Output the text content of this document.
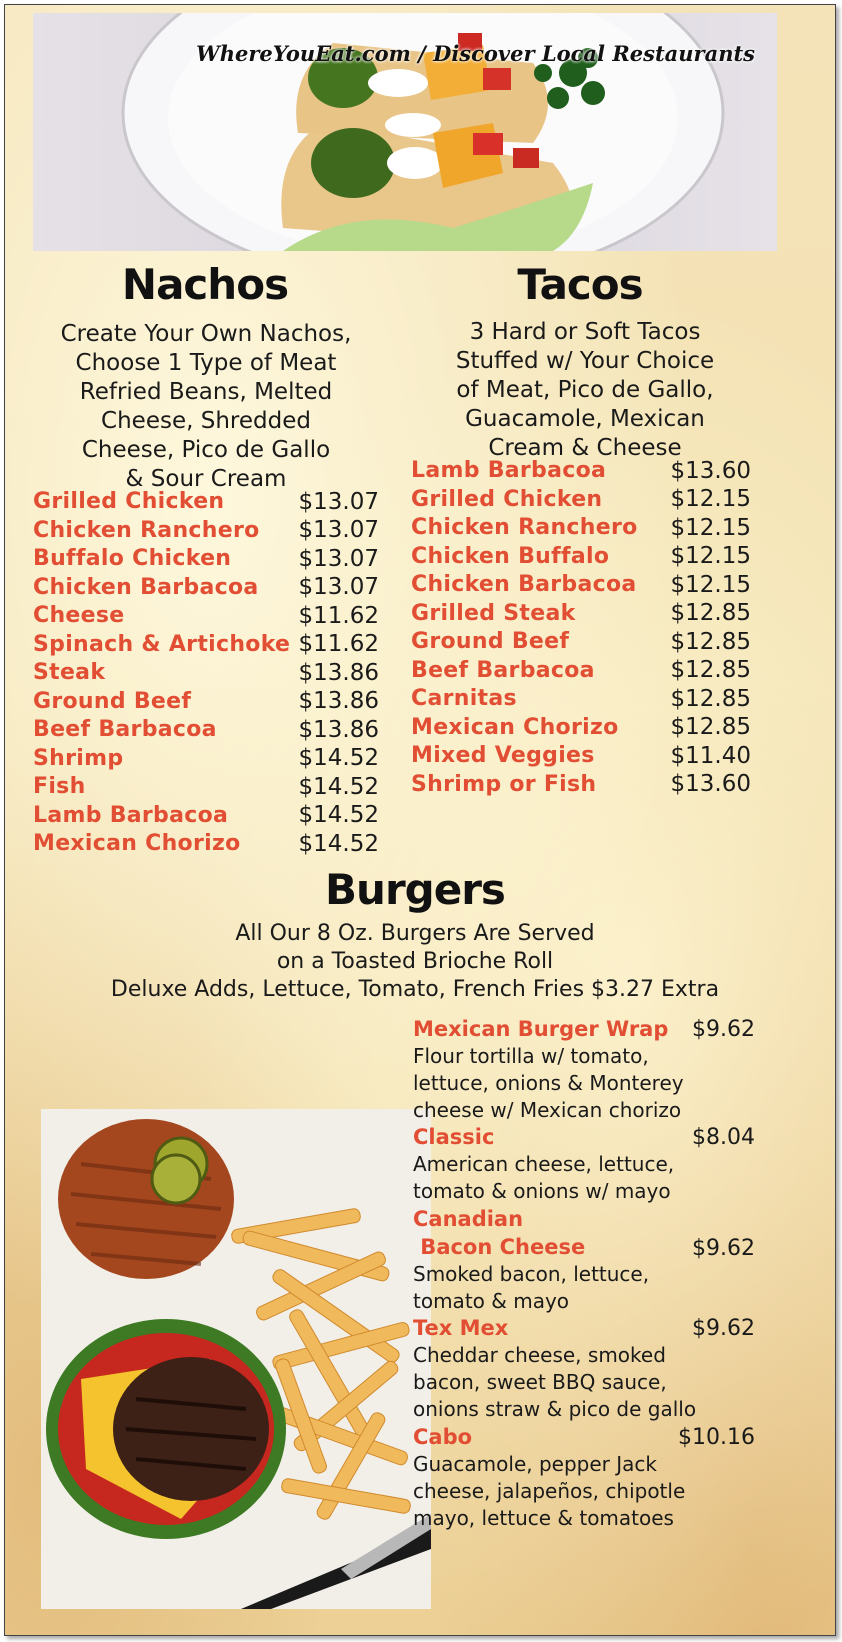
WhereYouEat.com / Discover Local Restaurants
Nachos
Create Your Own Nachos,
Choose 1 Type of Meat
Refried Beans, Melted
Cheese, Shredded
Cheese, Pico de Gallo
& Sour Cream
Grilled Chicken	$13.07
Chicken Ranchero $13.07
Buffalo Chicken	$13.07
Chicken Barbacoa $13.07
Cheese	$11.62
Spinach & Artichoke $11.62
Steak	$13.86
Ground Beef	$13.86
Beef Barbacoa	$13.86
Shrimp	$14.52
Fish	$14.52
Lamb Barbacoa	$14.52
Mexican Chorizo	$14.52
Tacos
3 Hard or Soft Tacos
Stuffed w/ Your Choice
of Meat, Pico de Gallo,
Guacamole, Mexican
Cream & Cheese
Lamb Barbacoa	$13.60
Grilled Chicken	$12.15
Chicken Ranchero $12.15
Chicken Buffalo	$12.15
Chicken Barbacoa $12.15
Grilled Steak	$12.85
Ground Beef	$12.85
Beef Barbacoa	$12.85
Carnitas	$12.85
Mexican Chorizo $12.85
Mixed Veggies	$11.40
Shrimp or Fish	$13.60
Burgers
All Our 8 Oz. Burgers Are Served
on a Toasted Brioche Roll
Deluxe Adds, Lettuce, Tomato, French Fries $3.27 Extra
Mexican Burger Wrap $9.62
Flour tortilla w/ tomato,
lettuce, onions & Monterey
cheese w/ Mexican chorizo
Classic	$8.04
American cheese, lettuce,
tomato & onions w/ mayo
Canadian
Bacon Cheese	$9.62
Smoked bacon, lettuce,
tomato & mayo
Tex Mex	$9.62
Cheddar cheese, smoked
bacon, sweet BBQ sauce,
onions straw & pico de gallo
Cabo	$10.16
Guacamole, pepper Jack
cheese, jalapeños, chipotle
mayo, lettuce & tomatoes
